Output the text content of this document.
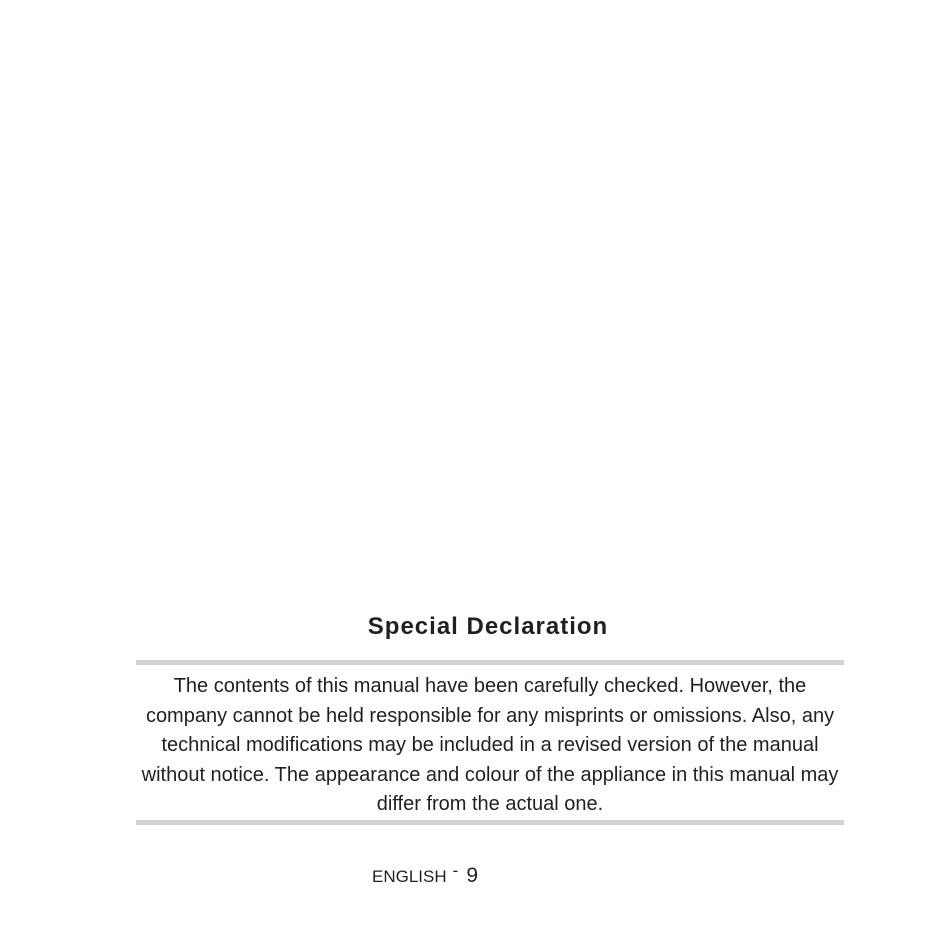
Special Declaration

The contents of this manual have been carefully checked. However, the company cannot be held responsible for any misprints or omissions. Also, any technical modifications may be included in a revised version of the manual without notice. The appearance and colour of the appliance in this manual may differ from the actual one.

ENGLISH - 9
